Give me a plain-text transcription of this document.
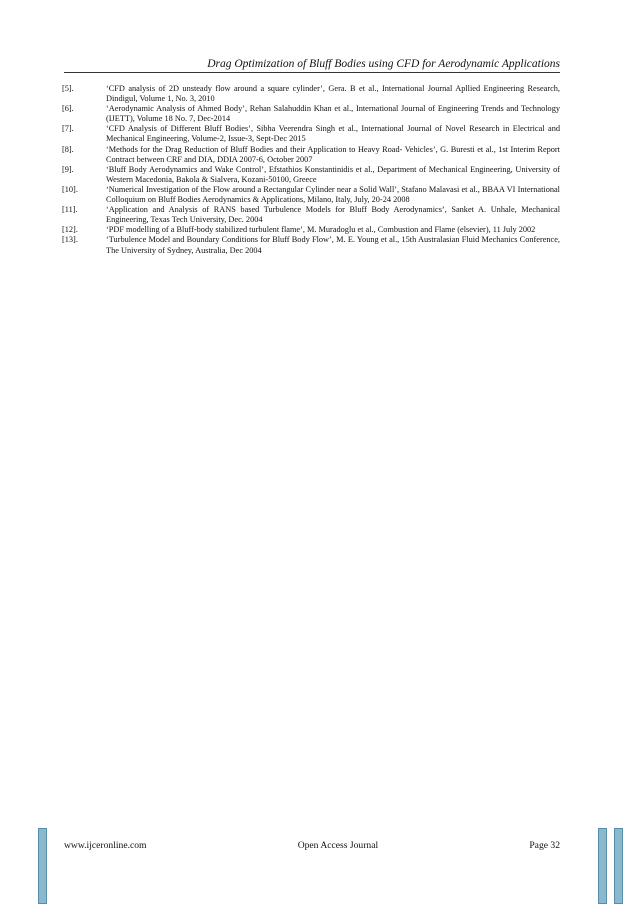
Drag Optimization of Bluff Bodies using CFD for Aerodynamic Applications
[5].	‘CFD analysis of 2D unsteady flow around a square cylinder’, Gera. B et al., International Journal Apllied Engineering Research, Dindigul, Volume 1, No. 3, 2010
[6].	‘Aerodynamic Analysis of Ahmed Body’, Rehan Salahuddin Khan et al., International Journal of Engineering Trends and Technology (IJETT), Volume 18 No. 7, Dec-2014
[7].	‘CFD Analysis of Different Bluff Bodies’, Sibha Veerendra Singh et al., International Journal of Novel Research in Electrical and Mechanical Engineering, Volume-2, Issue-3, Sept-Dec 2015
[8].	‘Methods for the Drag Reduction of Bluff Bodies and their Application to Heavy Road- Vehicles’, G. Buresti et al., 1st Interim Report Contract between CRF and DIA, DDIA 2007-6, October 2007
[9].	‘Bluff Body Aerodynamics and Wake Control’, Efstathios Konstantinidis et al., Department of Mechanical Engineering, University of Western Macedonia, Bakola & Sialvera, Kozani-50100, Greece
[10].	‘Numerical Investigation of the Flow around a Rectangular Cylinder near a Solid Wall’, Stafano Malavasi et al., BBAA VI International Colloquium on Bluff Bodies Aerodynamics & Applications, Milano, Italy, July, 20-24 2008
[11].	‘Application and Analysis of RANS based Turbulence Models for Bluff Body Aerodynamics’, Sanket A. Unhale, Mechanical Engineering, Texas Tech University, Dec. 2004
[12].	‘PDF modelling of a Bluff-body stabilized turbulent flame’, M. Muradoglu et al., Combustion and Flame (elsevier), 11 July 2002
[13].	‘Turbulence Model and Boundary Conditions for Bluff Body Flow’, M. E. Young et al., 15th Australasian Fluid Mechanics Conference, The University of Sydney, Australia, Dec 2004
www.ijceronline.com	Open Access Journal	Page 32
